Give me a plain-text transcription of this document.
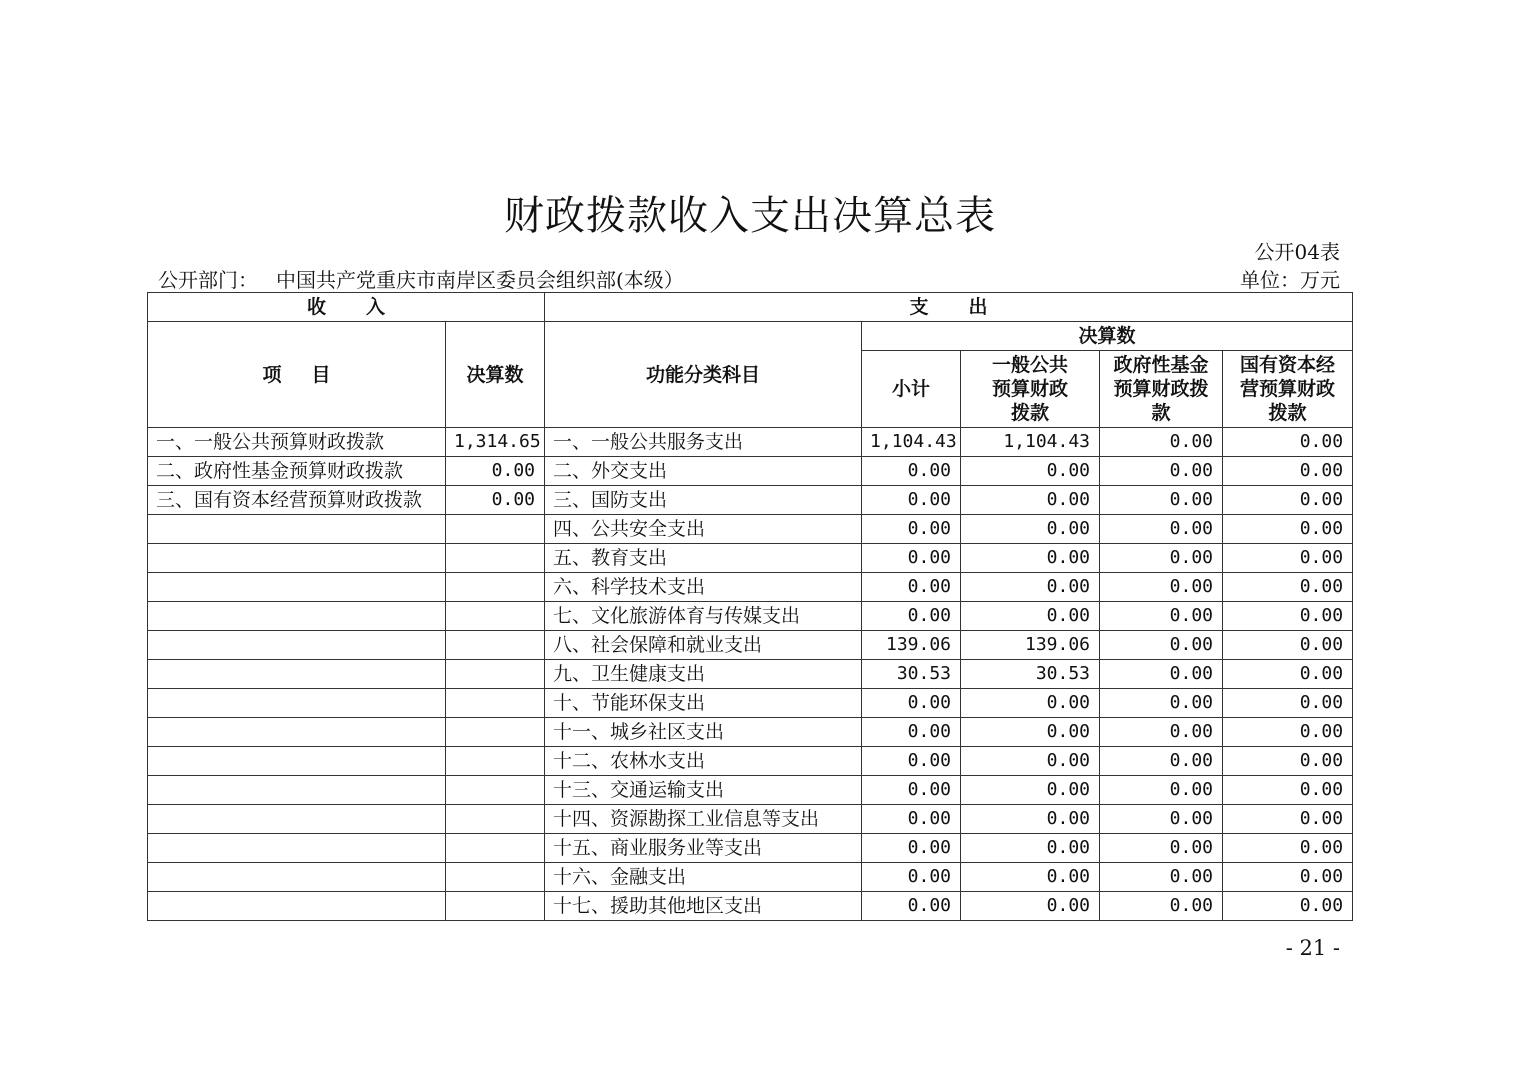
财政拨款收入支出决算总表
公开04表
公开部门： 中国共产党重庆市南岸区委员会组织部(本级）	单位：万元
收入		支出				
项目	决算数	功能分类科目	决算数			
			小计	一般公共预算财政拨款	政府性基金预算财政拨款	国有资本经营预算财政拨款
一、一般公共预算财政拨款	1,314.65	一、一般公共服务支出	1,104.43	1,104.43	0.00	0.00
二、政府性基金预算财政拨款	0.00	二、外交支出	0.00	0.00	0.00	0.00
三、国有资本经营预算财政拨款	0.00	三、国防支出	0.00	0.00	0.00	0.00
		四、公共安全支出	0.00	0.00	0.00	0.00
		五、教育支出	0.00	0.00	0.00	0.00
		六、科学技术支出	0.00	0.00	0.00	0.00
		七、文化旅游体育与传媒支出	0.00	0.00	0.00	0.00
		八、社会保障和就业支出	139.06	139.06	0.00	0.00
		九、卫生健康支出	30.53	30.53	0.00	0.00
		十、节能环保支出	0.00	0.00	0.00	0.00
		十一、城乡社区支出	0.00	0.00	0.00	0.00
		十二、农林水支出	0.00	0.00	0.00	0.00
		十三、交通运输支出	0.00	0.00	0.00	0.00
		十四、资源勘探工业信息等支出	0.00	0.00	0.00	0.00
		十五、商业服务业等支出	0.00	0.00	0.00	0.00
		十六、金融支出	0.00	0.00	0.00	0.00
		十七、援助其他地区支出	0.00	0.00	0.00	0.00
- 21 -
